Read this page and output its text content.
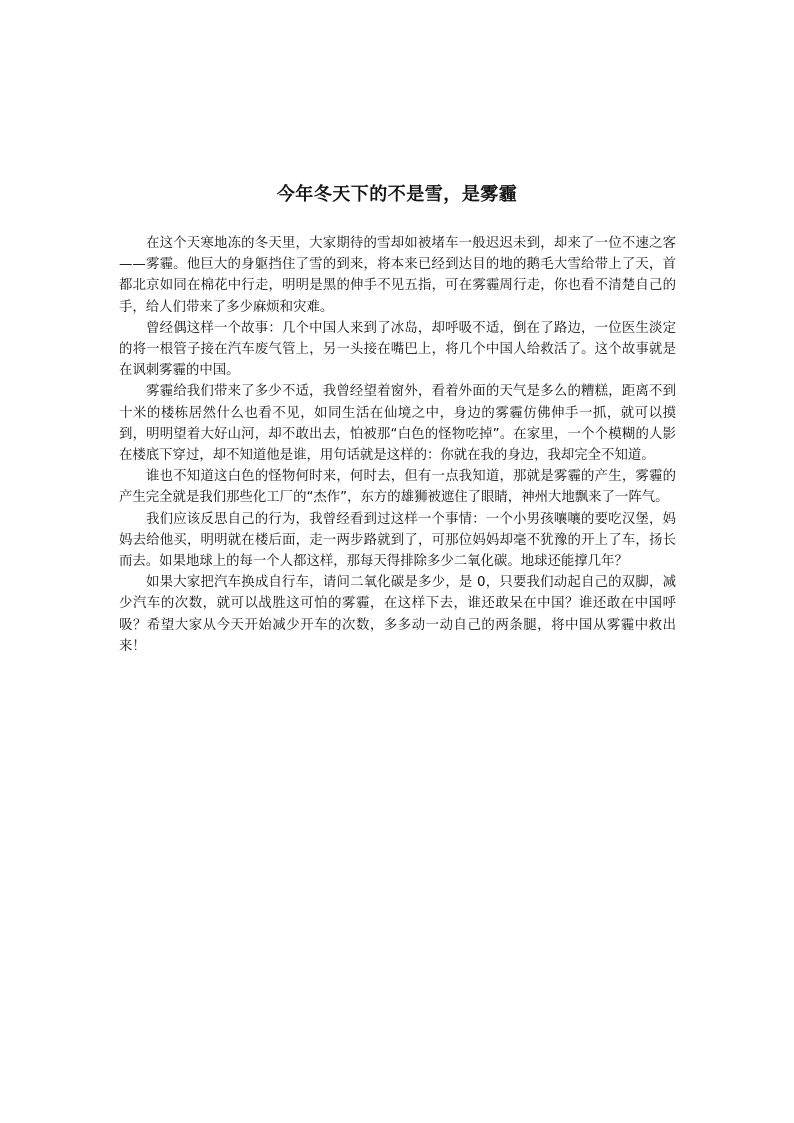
今年冬天下的不是雪，是雾霾

在这个天寒地冻的冬天里，大家期待的雪却如被堵车一般迟迟未到，却来了一位不速之客——雾霾。他巨大的身躯挡住了雪的到来，将本来已经到达目的地的鹅毛大雪给带上了天，首都北京如同在棉花中行走，明明是黑的伸手不见五指，可在雾霾周行走，你也看不清楚自己的手，给人们带来了多少麻烦和灾难。

曾经偶这样一个故事：几个中国人来到了冰岛，却呼吸不适，倒在了路边，一位医生淡定的将一根管子接在汽车废气管上，另一头接在嘴巴上，将几个中国人给救活了。这个故事就是在讽刺雾霾的中国。

雾霾给我们带来了多少不适，我曾经望着窗外，看着外面的天气是多么的糟糕，距离不到十米的楼栋居然什么也看不见，如同生活在仙境之中，身边的雾霾仿佛伸手一抓，就可以摸到，明明望着大好山河，却不敢出去，怕被那“白色的怪物吃掉”。在家里，一个个模糊的人影在楼底下穿过，却不知道他是谁，用句话就是这样的：你就在我的身边，我却完全不知道。

谁也不知道这白色的怪物何时来，何时去，但有一点我知道，那就是雾霾的产生，雾霾的产生完全就是我们那些化工厂的“杰作”，东方的雄狮被遮住了眼睛，神州大地飘来了一阵气。

我们应该反思自己的行为，我曾经看到过这样一个事情：一个小男孩嚷嚷的要吃汉堡，妈妈去给他买，明明就在楼后面，走一两步路就到了，可那位妈妈却毫不犹豫的开上了车，扬长而去。如果地球上的每一个人都这样，那每天得排除多少二氧化碳。地球还能撑几年？

如果大家把汽车换成自行车，请问二氧化碳是多少，是 0，只要我们动起自己的双脚，减少汽车的次数，就可以战胜这可怕的雾霾，在这样下去，谁还敢呆在中国？谁还敢在中国呼吸？希望大家从今天开始减少开车的次数，多多动一动自己的两条腿，将中国从雾霾中救出来！
